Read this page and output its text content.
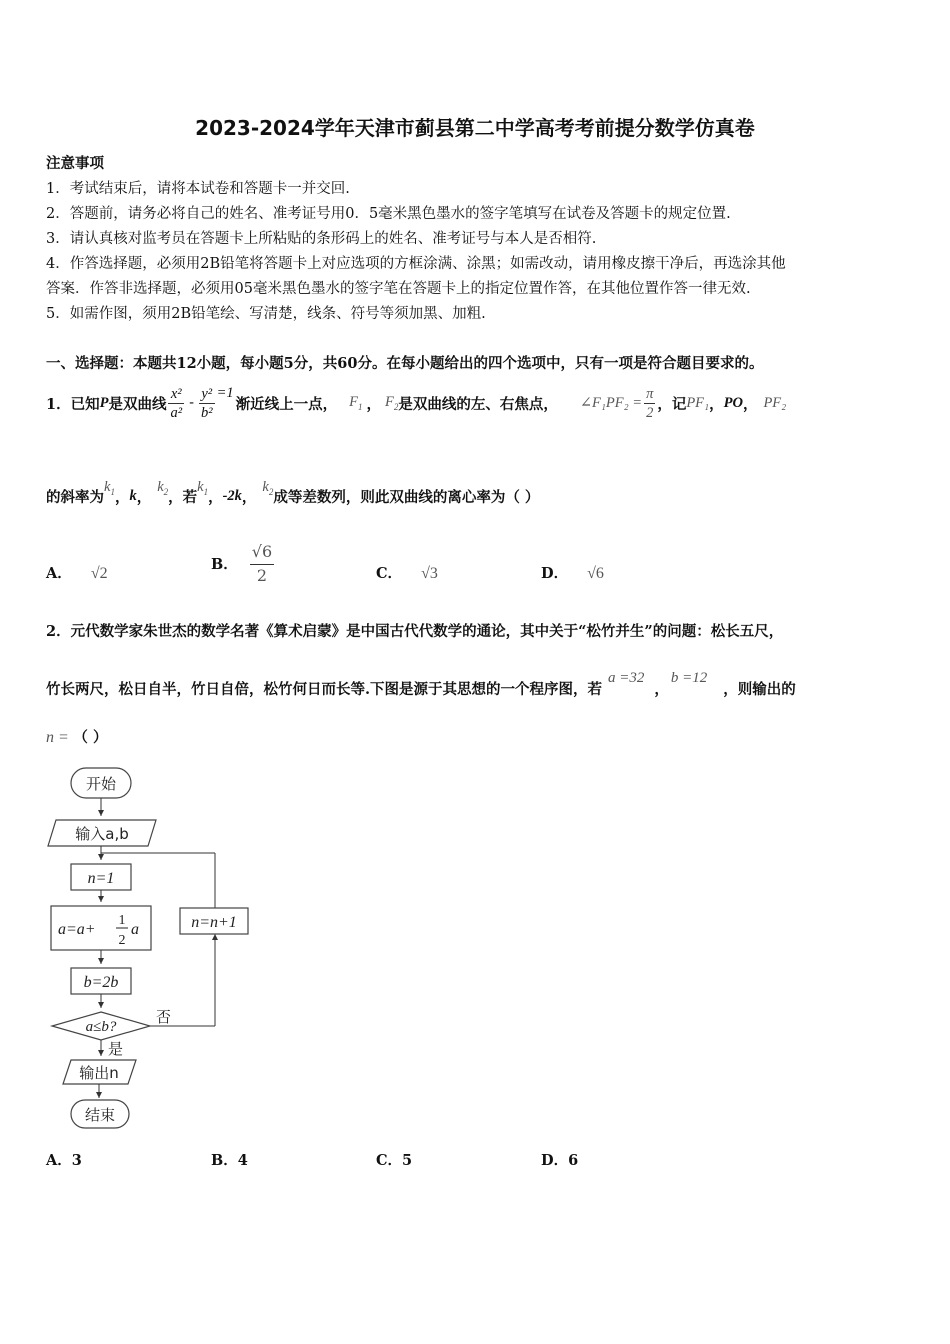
2023-2024学年天津市蓟县第二中学高考考前提分数学仿真卷
注意事项
1．考试结束后，请将本试卷和答题卡一并交回.
2．答题前，请务必将自己的姓名、准考证号用0．5毫米黑色墨水的签字笔填写在试卷及答题卡的规定位置.
3．请认真核对监考员在答题卡上所粘贴的条形码上的姓名、准考证号与本人是否相符.
4．作答选择题，必须用2B铅笔将答题卡上对应选项的方框涂满、涂黑；如需改动，请用橡皮擦干净后，再选涂其他
答案．作答非选择题，必须用05毫米黑色墨水的签字笔在答题卡上的指定位置作答，在其他位置作答一律无效.
5．如需作图，须用2B铅笔绘、写清楚，线条、符号等须加黑、加粗.
一、选择题：本题共12小题，每小题5分，共60分。在每小题给出的四个选项中，只有一项是符合题目要求的。
1．已知 P 是双曲线 $\frac{\text{x²}}{\text{a²}} - \frac{\text{y²}}{\text{b²}} =1$
渐近线上一点， $F_1$ ， $F_2$ 是双曲线的左、右焦点， ∠F₁PF₂ = $\frac{\pi}{2}$ ，记 PF₁ ， PO ， PF₂
的斜率为
$k_1$ ， k ，
$k_2$ ，若
$k_1$ ， -2k ，
$k_2$ 成等差数列，则此双曲线的离心率为（ ）
A． √2
B． $\frac{√6}{2}$	C． √3	D． √6
2．元代数学家朱世杰的数学名著《算术启蒙》是中国古代代数学的通论，其中关于“松竹并生”的问题：松长五尺，
竹长两尺，松日自半，竹日自倍，松竹何日而长等.下图是源于其思想的一个程序图，若
a =32
，
b =12
，则输出的
n = （ ）
开始
输入a,b
n=1
a=a+
1
2
a
b=2b
a≤b?
否
n=n+1
是
输出n
结束
A．3	B．4	C．5	D．6
